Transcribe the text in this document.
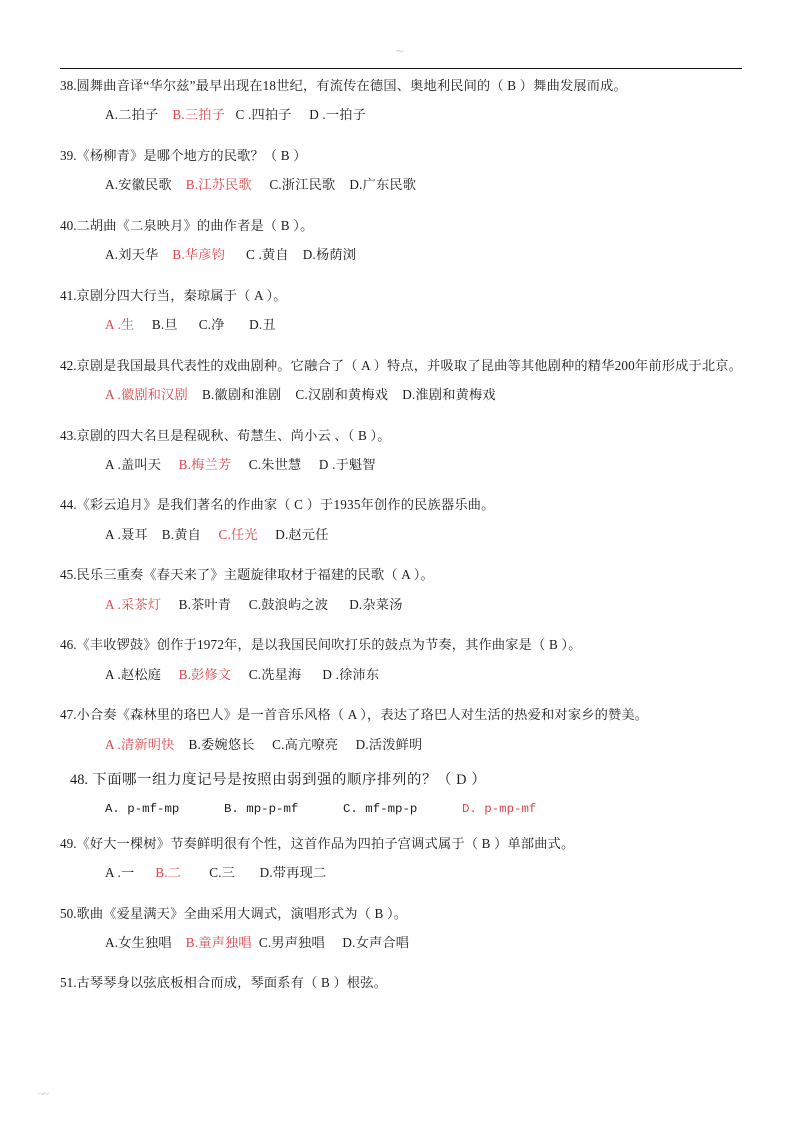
~
38.圆舞曲音译“华尔兹”最早出现在18世纪，有流传在德国、奥地利民间的（ B ）舞曲发展而成。
A.二拍子 B.三拍子 C .四拍子 D .一拍子
39.《杨柳青》是哪个地方的民歌？（ B ）
A.安徽民歌 B.江苏民歌 C.浙江民歌 D.广东民歌
40.二胡曲《二泉映月》的曲作者是（ B ）。
A.刘天华 B.华彦钧 C .黄自 D.杨荫浏
41.京剧分四大行当，秦琼属于（ A ）。
A .生 B.旦 C.净 D.丑
42.京剧是我国最具代表性的戏曲剧种。它融合了（ A ）特点，并吸取了昆曲等其他剧种的精华200年前形成于北京。
A .徽剧和汉剧 B.徽剧和淮剧 C.汉剧和黄梅戏 D.淮剧和黄梅戏
43.京剧的四大名旦是程砚秋、荀慧生、尚小云 、（ B ）。
A .盖叫天 B.梅兰芳 C.朱世慧 D .于魁智
44.《彩云追月》是我们著名的作曲家（ C ）于1935年创作的民族器乐曲。
A .聂耳 B.黄自 C.任光 D.赵元任
45.民乐三重奏《春天来了》主题旋律取材于福建的民歌（ A ）。
A .采茶灯 B.茶叶青 C.鼓浪屿之波 D.杂菜汤
46.《丰收锣鼓》创作于1972年，是以我国民间吹打乐的鼓点为节奏，其作曲家是（ B ）。
A .赵松庭 B.彭修文 C.冼星海 D .徐沛东
47.小合奏《森林里的珞巴人》是一首音乐风格（ A ），表达了珞巴人对生活的热爱和对家乡的赞美。
A .清新明快 B.委婉悠长 C.高亢嘹亮 D.活泼鲜明
48. 下面哪一组力度记号是按照由弱到强的顺序排列的？（ D ）
A. p-mf-mp	B. mp-p-mf	C. mf-mp-p	D. p-mp-mf
49.《好大一棵树》节奏鲜明很有个性，这首作品为四拍子宫调式属于（ B ）单部曲式。
A .一 B.二 C.三 D.带再现二
50.歌曲《爱星满天》全曲采用大调式，演唱形式为（ B ）。
A.女生独唱 B.童声独唱 C.男声独唱 D.女声合唱
51.古琴琴身以弦底板相合而成，琴面系有（ B ）根弦。
~~
